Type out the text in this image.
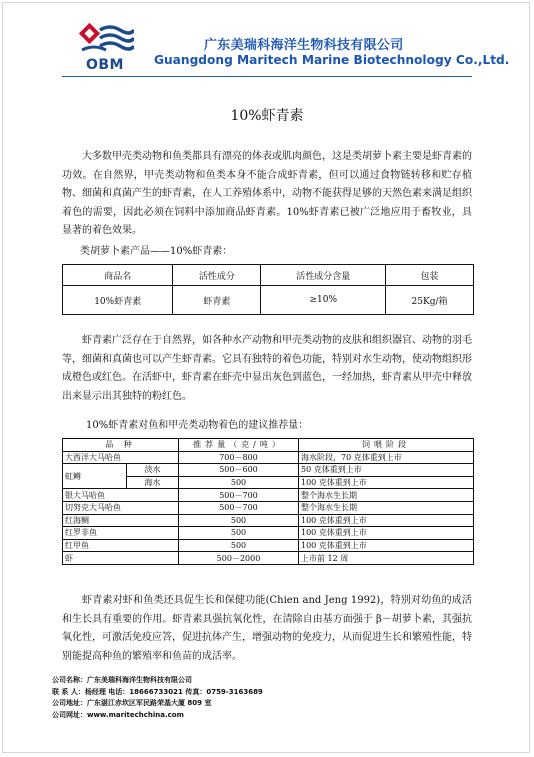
OBM
广东美瑞科海洋生物科技有限公司
Guangdong Maritech Marine Biotechnology Co.,Ltd.
10%虾青素

大多数甲壳类动物和鱼类都具有漂亮的体表或肌肉颜色，这是类胡萝卜素主要是虾青素的功效。在自然界，甲壳类动物和鱼类本身不能合成虾青素，但可以通过食物链转移和贮存植物、细菌和真菌产生的虾青素，在人工养殖体系中，动物不能获得足够的天然色素来满足组织着色的需要，因此必须在饲料中添加商品虾青素。10%虾青素已被广泛地应用于畜牧业，具显著的着色效果。

类胡萝卜素产品——10%虾青素：
商品名	活性成分	活性成分含量	包装
10%虾青素	虾青素	≥10%	25Kg/箱

虾青素广泛存在于自然界，如各种水产动物和甲壳类动物的皮肤和组织器官、动物的羽毛等，细菌和真菌也可以产生虾青素。它具有独特的着色功能，特别对水生动物，使动物组织形成橙色或红色。在活虾中，虾青素在虾壳中显出灰色到蓝色，一经加热，虾青素从甲壳中释放出来显示出其独特的粉红色。

10%虾青素对鱼和甲壳类动物着色的建议推荐量：
品 种		推荐量（克/吨）	饲喂阶段
大西洋大马哈鱼		700－800	海水阶段，70 克体重到上市
虹鳟	淡水	500－600	50 克体重到上市
	海水	500	100 克体重到上市
银大马哈鱼		500－700	整个海水生长期
切努克大马哈鱼		500－700	整个海水生长期
红海鲷		500	100 克体重到上市
红罗非鱼		500	100 克体重到上市
红甲鱼		500	100 克体重到上市
虾		500－2000	上市前 12 周

虾青素对虾和鱼类还具促生长和保健功能(Chien and Jeng 1992)，特别对幼鱼的成活和生长具有重要的作用。虾青素具强抗氧化性，在清除自由基方面强于 β－胡萝卜素，其强抗氧化性，可激活免疫应答，促进抗体产生，增强动物的免疫力，从而促进生长和繁殖性能，特别能提高种鱼的繁殖率和鱼苗的成活率。

公司名称：广东美瑞科海洋生物科技有限公司
联 系 人：杨经理 电话：18666733021 传真：0759-3163689
公司地址：广东湛江赤坎区军民路荣基大厦 809 室
公司网址：www.maritechchina.com
